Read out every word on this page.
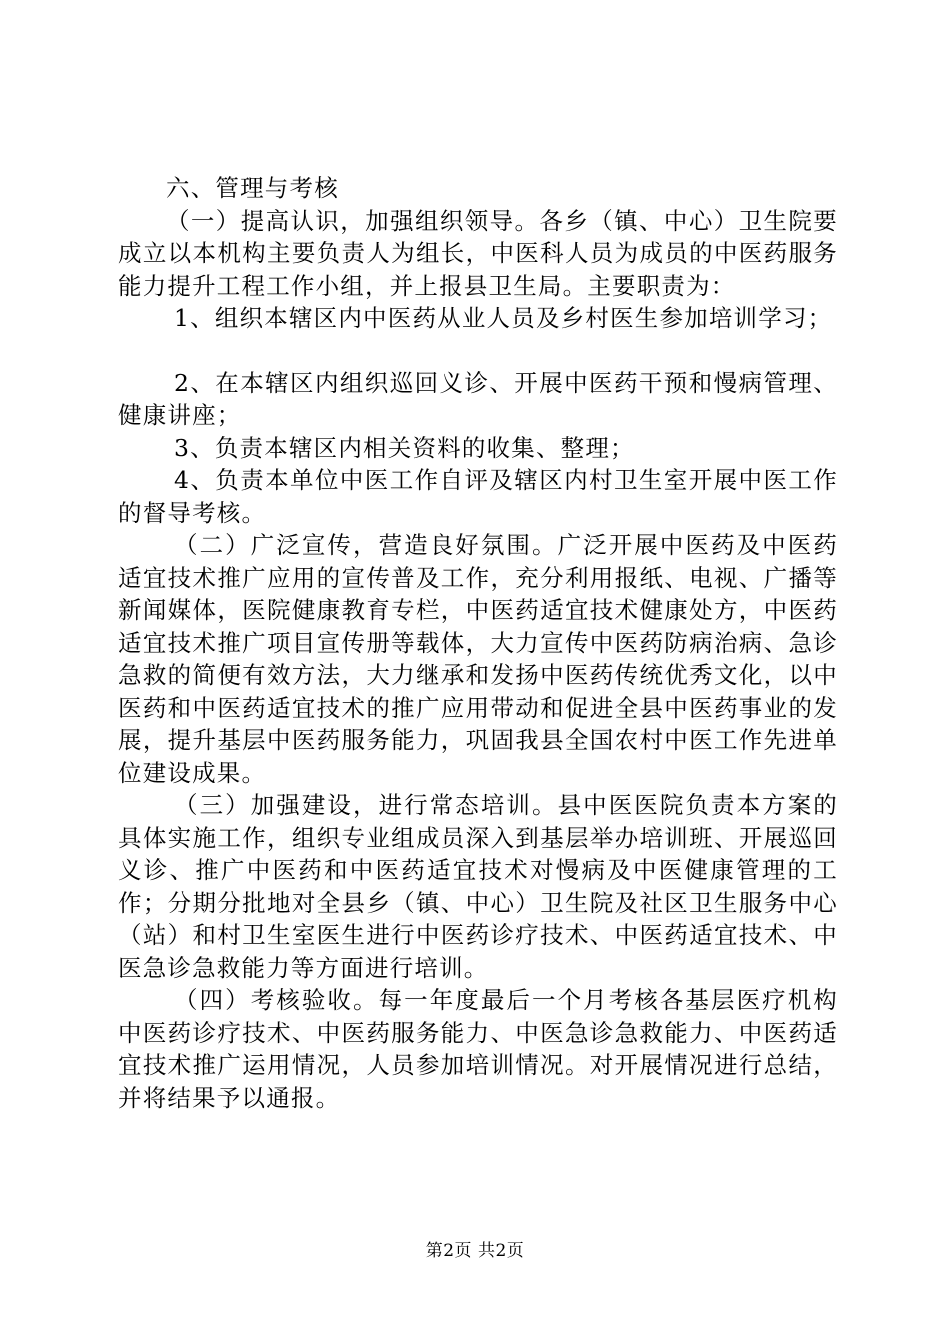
六、管理与考核

（一）提高认识，加强组织领导。各乡（镇、中心）卫生院要成立以本机构主要负责人为组长，中医科人员为成员的中医药服务能力提升工程工作小组，并上报县卫生局。主要职责为：

1、组织本辖区内中医药从业人员及乡村医生参加培训学习；

2、在本辖区内组织巡回义诊、开展中医药干预和慢病管理、健康讲座；

3、负责本辖区内相关资料的收集、整理；

4、负责本单位中医工作自评及辖区内村卫生室开展中医工作的督导考核。

（二）广泛宣传，营造良好氛围。广泛开展中医药及中医药适宜技术推广应用的宣传普及工作，充分利用报纸、电视、广播等新闻媒体，医院健康教育专栏，中医药适宜技术健康处方，中医药适宜技术推广项目宣传册等载体，大力宣传中医药防病治病、急诊急救的简便有效方法，大力继承和发扬中医药传统优秀文化，以中医药和中医药适宜技术的推广应用带动和促进全县中医药事业的发展，提升基层中医药服务能力，巩固我县全国农村中医工作先进单位建设成果。

（三）加强建设，进行常态培训。县中医医院负责本方案的具体实施工作，组织专业组成员深入到基层举办培训班、开展巡回义诊、推广中医药和中医药适宜技术对慢病及中医健康管理的工作；分期分批地对全县乡（镇、中心）卫生院及社区卫生服务中心（站）和村卫生室医生进行中医药诊疗技术、中医药适宜技术、中医急诊急救能力等方面进行培训。

（四）考核验收。每一年度最后一个月考核各基层医疗机构中医药诊疗技术、中医药服务能力、中医急诊急救能力、中医药适宜技术推广运用情况，人员参加培训情况。对开展情况进行总结，并将结果予以通报。

第2页 共2页
